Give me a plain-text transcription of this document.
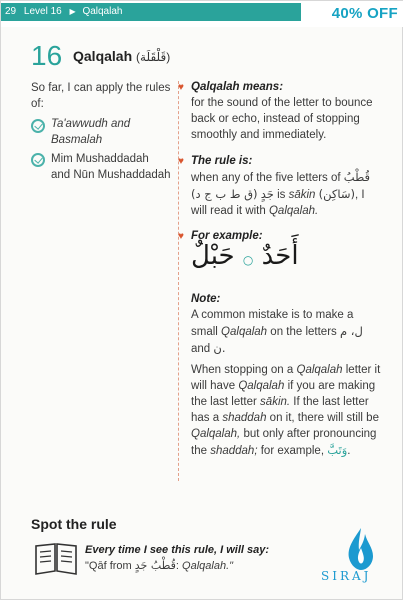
29 Level 16 ▶ Qalqalah	40% OFF
16 Qalqalah (قَلْقَلَة)
So far, I can apply the rules of:
Ta'awwudh and
Basmalah
Mim Mushaddadah
and Nūn Mushaddadah
♥ Qalqalah means:
for the sound of the letter to bounce back or echo, instead of stopping smoothly and immediately.
♥ The rule is:
when any of the five letters of قُطْبُ جَدٍ (ق ط ب ج د) is sākin (سَاكِن), I will read it with Qalqalah.
♥ For example:
أَحَدٌ ○ حَبْلٌ
Note:
A common mistake is to make a small Qalqalah on the letters ل، م and ن.
When stopping on a Qalqalah letter it will have Qalqalah if you are making the last letter sākin. If the last letter has a shaddah on it, there will still be Qalqalah, but only after pronouncing the shaddah; for example, وَتَبَّ.
Spot the rule
Every time I see this rule, I will say:
"Qāf from قُطْبُ جَدٍ: Qalqalah."
SIRAJ
